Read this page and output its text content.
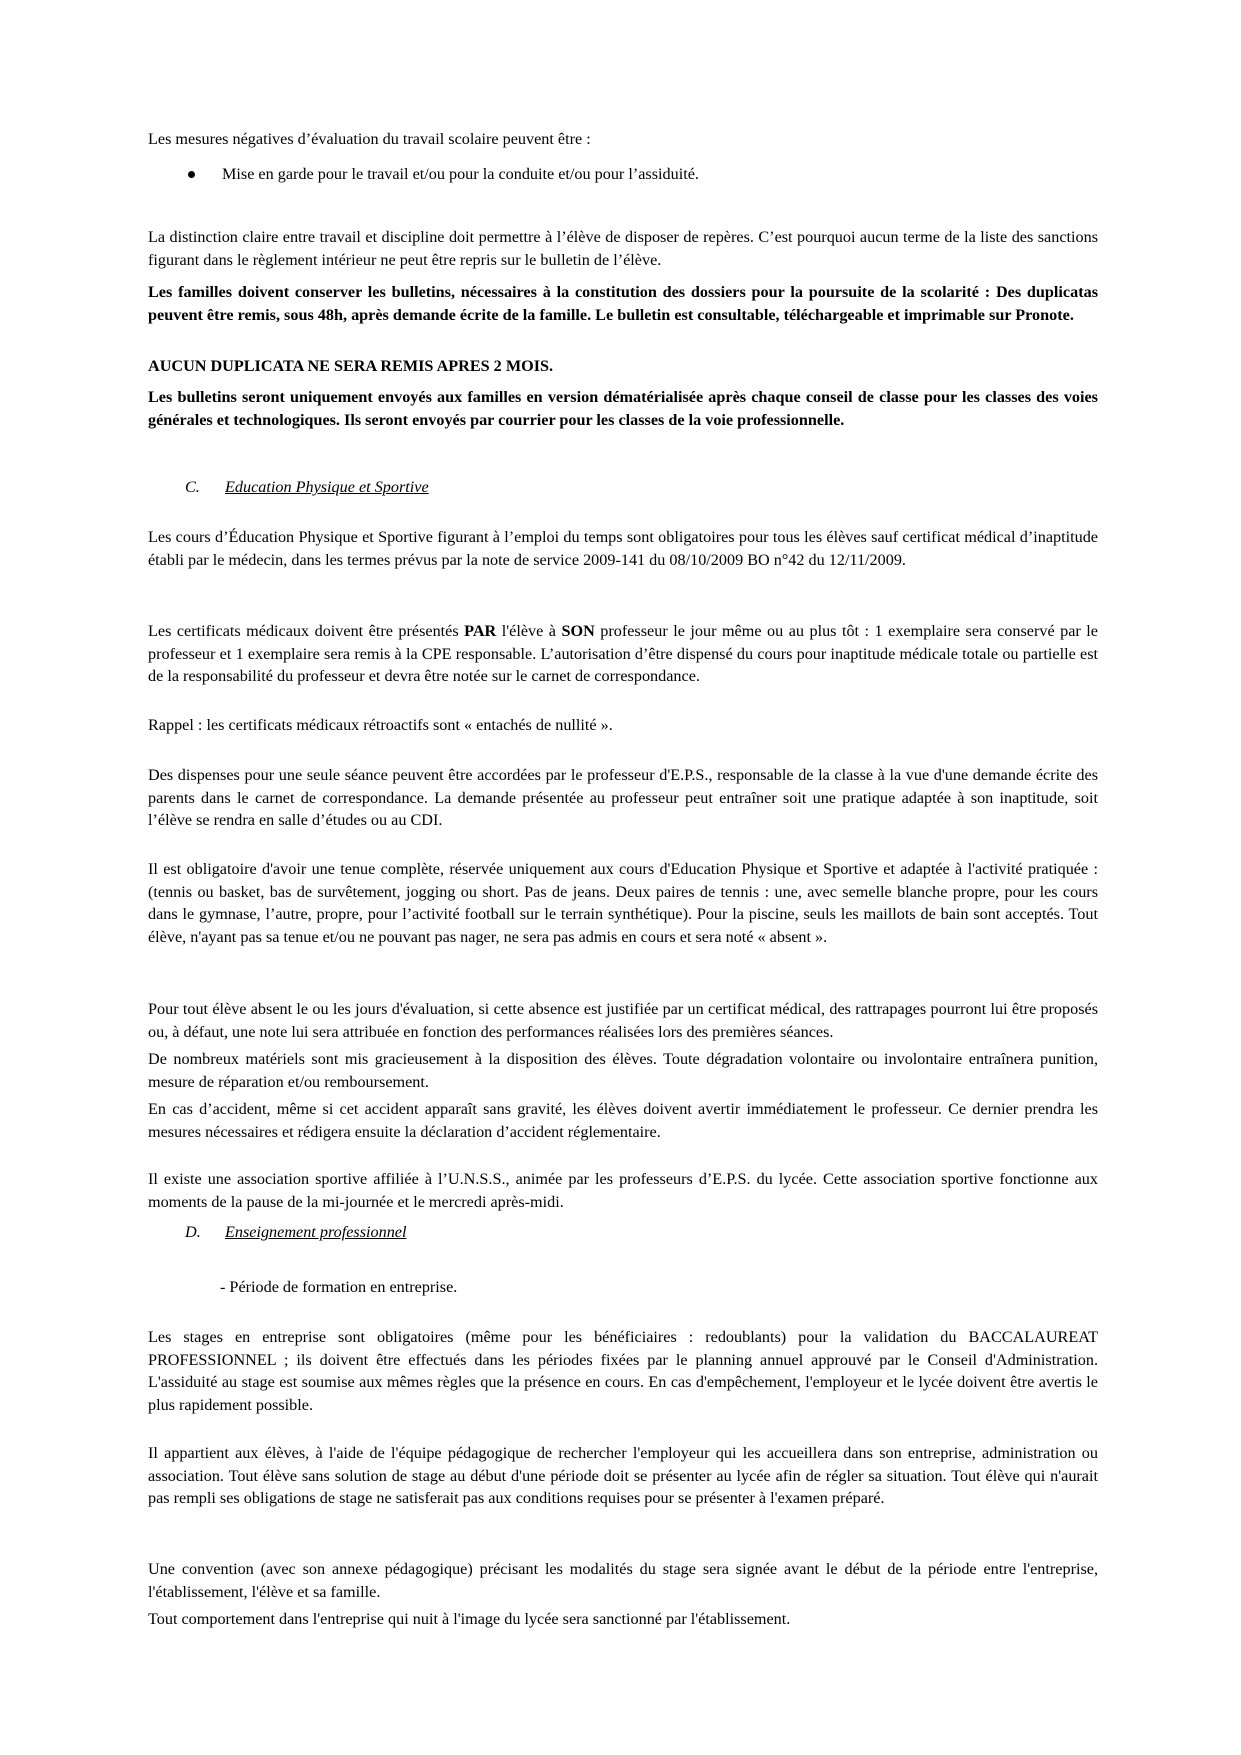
Les mesures négatives d’évaluation du travail scolaire peuvent être :

Mise en garde pour le travail et/ou pour la conduite et/ou pour l’assiduité.

La distinction claire entre travail et discipline doit permettre à l’élève de disposer de repères. C’est pourquoi aucun terme de la liste des sanctions figurant dans le règlement intérieur ne peut être repris sur le bulletin de l’élève.

Les familles doivent conserver les bulletins, nécessaires à la constitution des dossiers pour la poursuite de la scolarité : Des duplicatas peuvent être remis, sous 48h, après demande écrite de la famille. Le bulletin est consultable, téléchargeable et imprimable sur Pronote.

AUCUN DUPLICATA NE SERA REMIS APRES 2 MOIS.

Les bulletins seront uniquement envoyés aux familles en version dématérialisée après chaque conseil de classe pour les classes des voies générales et technologiques. Ils seront envoyés par courrier pour les classes de la voie professionnelle.

C. Education Physique et Sportive

Les cours d’Éducation Physique et Sportive figurant à l’emploi du temps sont obligatoires pour tous les élèves sauf certificat médical d’inaptitude établi par le médecin, dans les termes prévus par la note de service 2009-141 du 08/10/2009 BO n°42 du 12/11/2009.

Les certificats médicaux doivent être présentés PAR l'élève à SON professeur le jour même ou au plus tôt : 1 exemplaire sera conservé par le professeur et 1 exemplaire sera remis à la CPE responsable. L’autorisation d’être dispensé du cours pour inaptitude médicale totale ou partielle est de la responsabilité du professeur et devra être notée sur le carnet de correspondance.

Rappel : les certificats médicaux rétroactifs sont « entachés de nullité ».

Des dispenses pour une seule séance peuvent être accordées par le professeur d'E.P.S., responsable de la classe à la vue d'une demande écrite des parents dans le carnet de correspondance. La demande présentée au professeur peut entraîner soit une pratique adaptée à son inaptitude, soit l’élève se rendra en salle d’études ou au CDI.

Il est obligatoire d'avoir une tenue complète, réservée uniquement aux cours d'Education Physique et Sportive et adaptée à l'activité pratiquée : (tennis ou basket, bas de survêtement, jogging ou short. Pas de jeans. Deux paires de tennis : une, avec semelle blanche propre, pour les cours dans le gymnase, l’autre, propre, pour l’activité football sur le terrain synthétique). Pour la piscine, seuls les maillots de bain sont acceptés. Tout élève, n'ayant pas sa tenue et/ou ne pouvant pas nager, ne sera pas admis en cours et sera noté « absent ».

Pour tout élève absent le ou les jours d'évaluation, si cette absence est justifiée par un certificat médical, des rattrapages pourront lui être proposés ou, à défaut, une note lui sera attribuée en fonction des performances réalisées lors des premières séances.

De nombreux matériels sont mis gracieusement à la disposition des élèves. Toute dégradation volontaire ou involontaire entraînera punition, mesure de réparation et/ou remboursement.

En cas d’accident, même si cet accident apparaît sans gravité, les élèves doivent avertir immédiatement le professeur. Ce dernier prendra les mesures nécessaires et rédigera ensuite la déclaration d’accident réglementaire.

Il existe une association sportive affiliée à l’U.N.S.S., animée par les professeurs d’E.P.S. du lycée. Cette association sportive fonctionne aux moments de la pause de la mi-journée et le mercredi après-midi.

D. Enseignement professionnel

- Période de formation en entreprise.

Les stages en entreprise sont obligatoires (même pour les bénéficiaires : redoublants) pour la validation du BACCALAUREAT PROFESSIONNEL ; ils doivent être effectués dans les périodes fixées par le planning annuel approuvé par le Conseil d'Administration. L'assiduité au stage est soumise aux mêmes règles que la présence en cours. En cas d'empêchement, l'employeur et le lycée doivent être avertis le plus rapidement possible.

Il appartient aux élèves, à l'aide de l'équipe pédagogique de rechercher l'employeur qui les accueillera dans son entreprise, administration ou association. Tout élève sans solution de stage au début d'une période doit se présenter au lycée afin de régler sa situation. Tout élève qui n'aurait pas rempli ses obligations de stage ne satisferait pas aux conditions requises pour se présenter à l'examen préparé.

Une convention (avec son annexe pédagogique) précisant les modalités du stage sera signée avant le début de la période entre l'entreprise, l'établissement, l'élève et sa famille.

Tout comportement dans l'entreprise qui nuit à l'image du lycée sera sanctionné par l'établissement.
